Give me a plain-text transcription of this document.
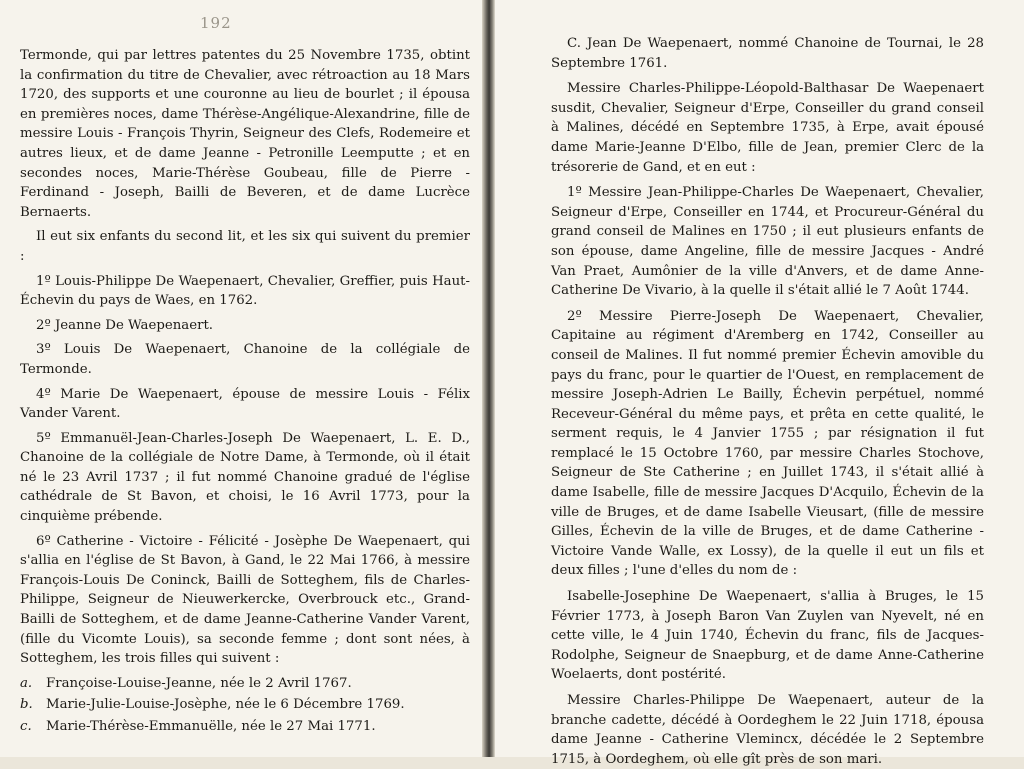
192

Termonde, qui par lettres patentes du 25 Novembre 1735, obtint la confirmation du titre de Chevalier, avec rétroaction au 18 Mars 1720, des supports et une couronne au lieu de bourlet ; il épousa en premières noces, dame Thérèse-Angélique-Alexandrine, fille de messire Louis - François Thyrin, Seigneur des Clefs, Rodemeire et autres lieux, et de dame Jeanne - Petronille Leemputte ; et en secondes noces, Marie-Thérèse Goubeau, fille de Pierre - Ferdinand - Joseph, Bailli de Beveren, et de dame Lucrèce Bernaerts.

Il eut six enfants du second lit, et les six qui suivent du premier :

1º Louis-Philippe De Waepenaert, Chevalier, Greffier, puis Haut-Échevin du pays de Waes, en 1762.

2º Jeanne De Waepenaert.

3º Louis De Waepenaert, Chanoine de la collégiale de Termonde.

4º Marie De Waepenaert, épouse de messire Louis - Félix Vander Varent.

5º Emmanuël-Jean-Charles-Joseph De Waepenaert, L. E. D., Chanoine de la collégiale de Notre Dame, à Termonde, où il était né le 23 Avril 1737 ; il fut nommé Chanoine gradué de l'église cathédrale de St Bavon, et choisi, le 16 Avril 1773, pour la cinquième prébende.

6º Catherine - Victoire - Félicité - Josèphe De Waepenaert, qui s'allia en l'église de St Bavon, à Gand, le 22 Mai 1766, à messire François-Louis De Coninck, Bailli de Sotteghem, fils de Charles-Philippe, Seigneur de Nieuwerkercke, Overbrouck etc., Grand-Bailli de Sotteghem, et de dame Jeanne-Catherine Vander Varent, (fille du Vicomte Louis), sa seconde femme ; dont sont nées, à Sotteghem, les trois filles qui suivent :

a. Françoise-Louise-Jeanne, née le 2 Avril 1767.

b. Marie-Julie-Louise-Josèphe, née le 6 Décembre 1769.

c. Marie-Thérèse-Emmanuëlle, née le 27 Mai 1771.

C. Jean De Waepenaert, nommé Chanoine de Tournai, le 28 Septembre 1761.

Messire Charles-Philippe-Léopold-Balthasar De Waepenaert susdit, Chevalier, Seigneur d'Erpe, Conseiller du grand conseil à Malines, décédé en Septembre 1735, à Erpe, avait épousé dame Marie-Jeanne D'Elbo, fille de Jean, premier Clerc de la trésorerie de Gand, et en eut :

1º Messire Jean-Philippe-Charles De Waepenaert, Chevalier, Seigneur d'Erpe, Conseiller en 1744, et Procureur-Général du grand conseil de Malines en 1750 ; il eut plusieurs enfants de son épouse, dame Angeline, fille de messire Jacques - André Van Praet, Aumônier de la ville d'Anvers, et de dame Anne-Catherine De Vivario, à la quelle il s'était allié le 7 Août 1744.

2º Messire Pierre-Joseph De Waepenaert, Chevalier, Capitaine au régiment d'Aremberg en 1742, Conseiller au conseil de Malines. Il fut nommé premier Échevin amovible du pays du franc, pour le quartier de l'Ouest, en remplacement de messire Joseph-Adrien Le Bailly, Échevin perpétuel, nommé Receveur-Général du même pays, et prêta en cette qualité, le serment requis, le 4 Janvier 1755 ; par résignation il fut remplacé le 15 Octobre 1760, par messire Charles Stochove, Seigneur de Ste Catherine ; en Juillet 1743, il s'était allié à dame Isabelle, fille de messire Jacques D'Acquilo, Échevin de la ville de Bruges, et de dame Isabelle Vieusart, (fille de messire Gilles, Échevin de la ville de Bruges, et de dame Catherine - Victoire Vande Walle, ex Lossy), de la quelle il eut un fils et deux filles ; l'une d'elles du nom de :

Isabelle-Josephine De Waepenaert, s'allia à Bruges, le 15 Février 1773, à Joseph Baron Van Zuylen van Nyevelt, né en cette ville, le 4 Juin 1740, Échevin du franc, fils de Jacques-Rodolphe, Seigneur de Snaepburg, et de dame Anne-Catherine Woelaerts, dont postérité.

Messire Charles-Philippe De Waepenaert, auteur de la branche cadette, décédé à Oordeghem le 22 Juin 1718, épousa dame Jeanne - Catherine Vlemincx, décédée le 2 Septembre 1715, à Oordeghem, où elle gît près de son mari.
